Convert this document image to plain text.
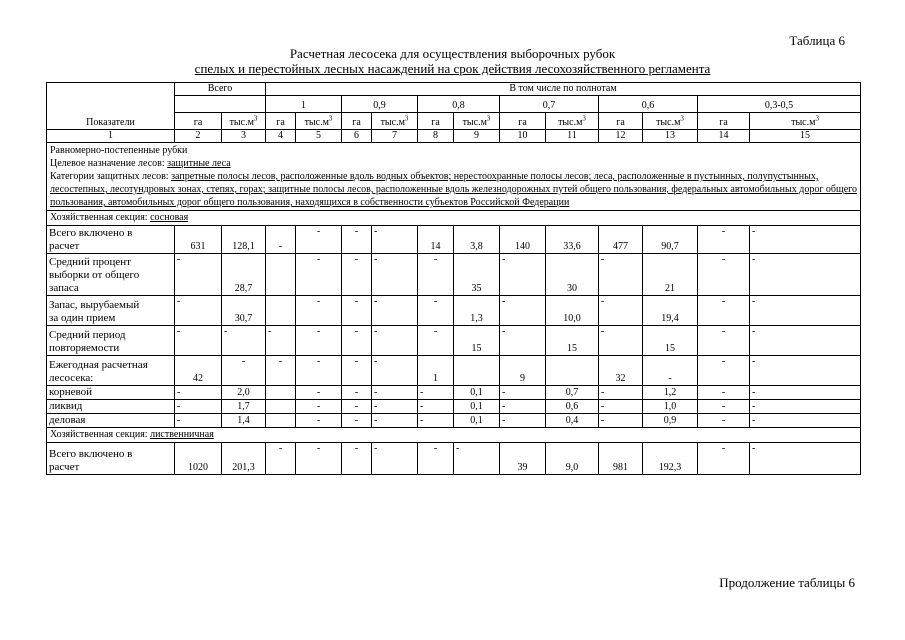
Таблица 6
Расчетная лесосека для осуществления выборочных рубок
спелых и перестойных лесных насаждений на срок действия лесохозяйственного регламента
Показатели	Всего		В том числе по полнотам											
			1		0,9		0,8		0,7		0,6		0,3-0,5	
	га	$тыс.м^3$	га	$тыс.м^3$	га	$тыс.м^3$	га	$тыс.м^3$	га	$тыс.м^3$	га	$тыс.м^3$	га	$тыс.м^3$
1	2	3	4	5	6	7	8	9	10	11	12	13	14	15

Равномерно-постепенные рубки
Целевое назначение лесов: защитные леса
Категории защитных лесов: запретные полосы лесов, расположенные вдоль водных объектов; нерестоохранные полосы лесов; леса, расположенные в пустынных, полупустынных, лесостепных, лесотундровых зонах, степях, горах; защитные полосы лесов, расположенные вдоль железнодорожных путей общего пользования, федеральных автомобильных дорог общего пользования, автомобильных дорог общего пользования, находящихся в собственности субъектов Российской Федерации														

Хозяйственная секция: сосновая														

Всего включено в
расчет	631	128,1	-	-	-	-	14	3,8	140	33,6	477	90,7	-	-

Средний процент
выборки от общего
запаса	-	28,7		-	-	-	-	35	-	30	-	21	-	-

Запас, вырубаемый
за один прием	-	30,7		-	-	-	-	1,3	-	10,0	-	19,4	-	-

Средний период
повторяемости	-	-	-	-	-	-	-	15	-	15	-	15	-	-

Ежегодная расчетная
лесосека:	42	-	-	-	-	-	1		9		32	-	-	-
корневой	-	2,0		-	-	-	-	0,1	-	0,7	-	1,2	-	-
ликвид	-	1,7		-	-	-	-	0,1	-	0,6	-	1,0	-	-
деловая	-	1,4		-	-	-	-	0,1	-	0,4	-	0,9	-	-
Хозяйственная секция: лиственничная														

Всего включено в
расчет	1020	201,3	-	-	-	-	-	-	39	9,0	981	192,3	-	-
Продолжение таблицы 6
